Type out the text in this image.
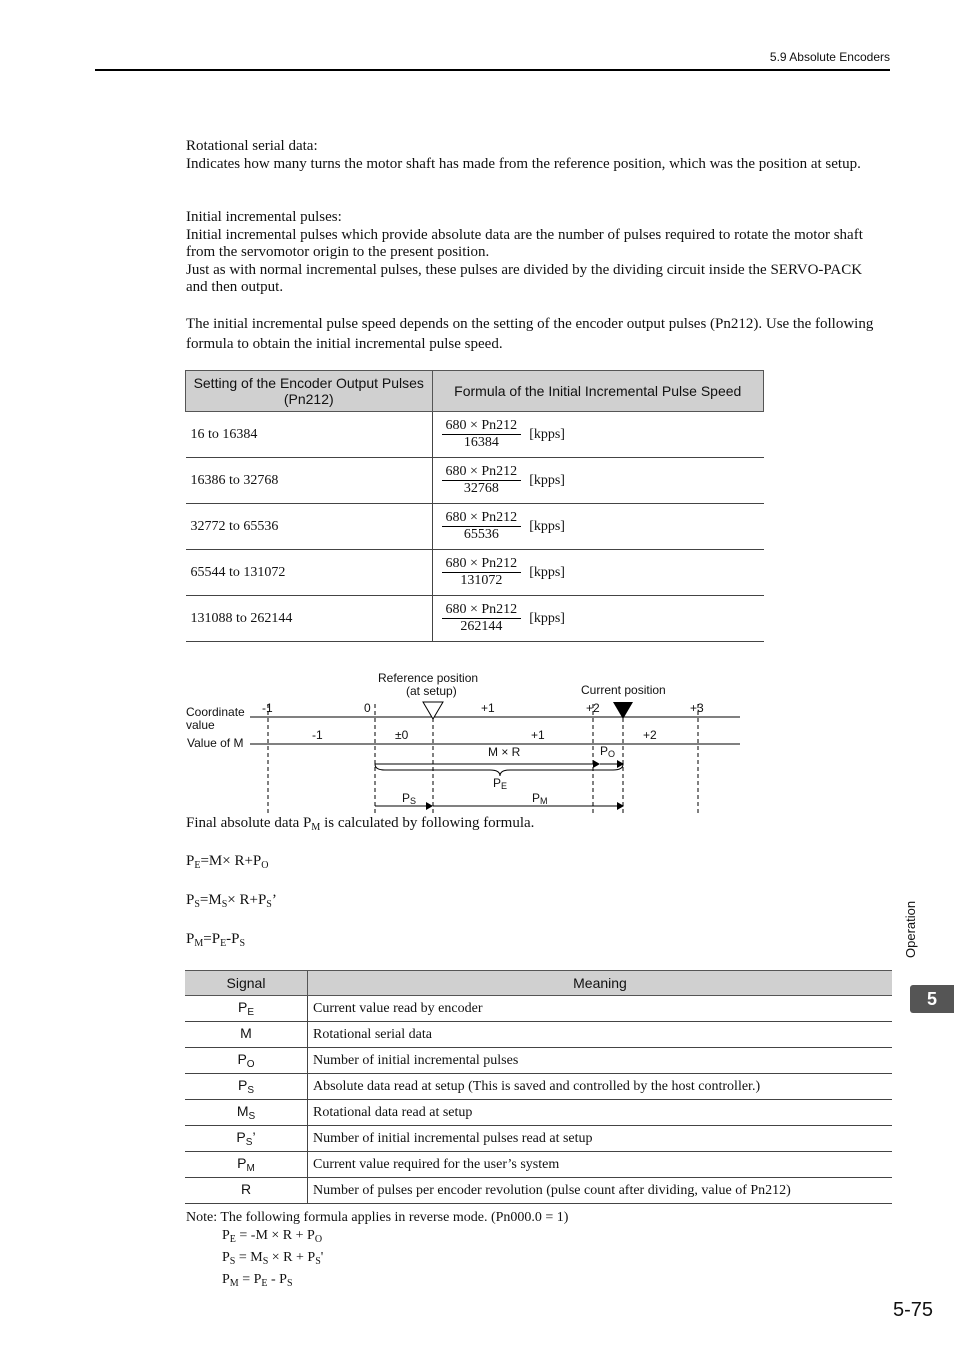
5.9 Absolute Encoders

Rotational serial data:

Indicates how many turns the motor shaft has made from the reference position, which was the position at setup.

Initial incremental pulses:

Initial incremental pulses which provide absolute data are the number of pulses required to rotate the motor shaft from the servomotor origin to the present position.

Just as with normal incremental pulses, these pulses are divided by the dividing circuit inside the SERVO-PACK and then output.

The initial incremental pulse speed depends on the setting of the encoder output pulses (Pn212). Use the following formula to obtain the initial incremental pulse speed.
Setting of the Encoder Output Pulses (Pn212)	Formula of the Initial Incremental Pulse Speed
16 to 16384	$\frac{680 \times Pn212}{16384}$ [kpps]
16386 to 32768	$\frac{680 \times Pn212}{32768}$ [kpps]
32772 to 65536	$\frac{680 \times Pn212}{65536}$ [kpps]
65544 to 131072	$\frac{680 \times Pn212}{131072}$ [kpps]
131088 to 262144	$\frac{680 \times Pn212}{262144}$ [kpps]
Reference position
(at setup)	Current position
Coordinate
value
Value of M
-1	0	+1	+2	+3
-1	±0	+1	+2
M × R	PO
PE
PS	PM
Final absolute data $P_M$ is calculated by following formula.
$P_E=M\times R+P_O$
$P_S=M_S\times R+P_S$’
$P_M=P_E-P_S$
Signal	Meaning
$P_E$	Current value read by encoder
M	Rotational serial data
$P_O$	Number of initial incremental pulses
$P_S$	Absolute data read at setup (This is saved and controlled by the host controller.)
$M_S$	Rotational data read at setup
$P_S$’	Number of initial incremental pulses read at setup
$P_M$	Current value required for the user’s system
R	Number of pulses per encoder revolution (pulse count after dividing, value of Pn212)
Note: The following formula applies in reverse mode. (Pn000.0 = 1)
$P_E = -M \times R + P_O$
$P_S = M_S \times R + P_S'$
$P_M = P_E - P_S$
Operation
5
5-75
